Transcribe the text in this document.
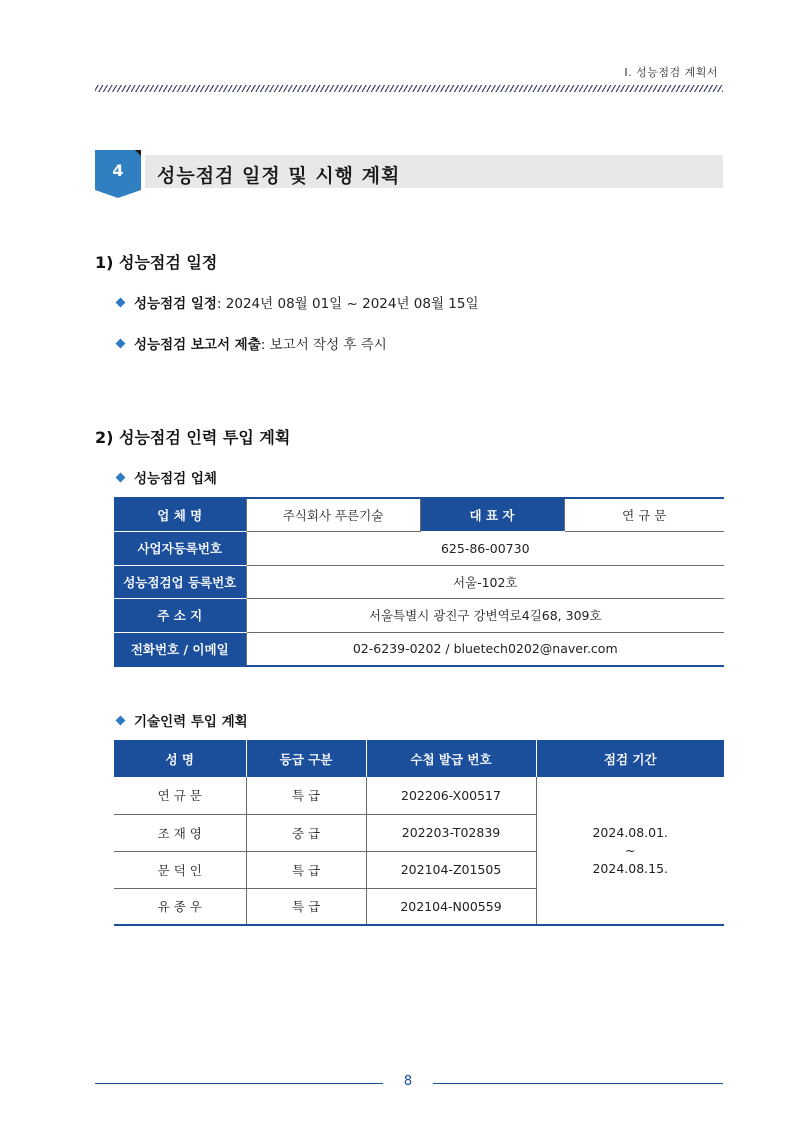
Ⅰ. 성능점검 계획서
4	성능점검 일정 및 시행 계획
1) 성능점검 일정
성능점검 일정 : 2024년 08월 01일 ~ 2024년 08월 15일
성능점검 보고서 제출 : 보고서 작성 후 즉시
2) 성능점검 인력 투입 계획
성능점검 업체
업 체 명	주식회사 푸른기술	대 표 자	연 규 문
사업자등록번호	625-86-00730		
성능점검업 등록번호	서울-102호		
주 소 지	서울특별시 광진구 강변역로4길68, 309호		
전화번호 / 이메일	02-6239-0202 / bluetech0202@naver.com		
기술인력 투입 계획
성 명	등급 구분	수첩 발급 번호	점검 기간
연 규 문	특 급	202206-X00517	2024.08.01.
~
2024.08.15.

조 재 영	중 급	202203-T02839	
문 덕 인	특 급	202104-Z01505	
유 종 우	특 급	202104-N00559	
8
